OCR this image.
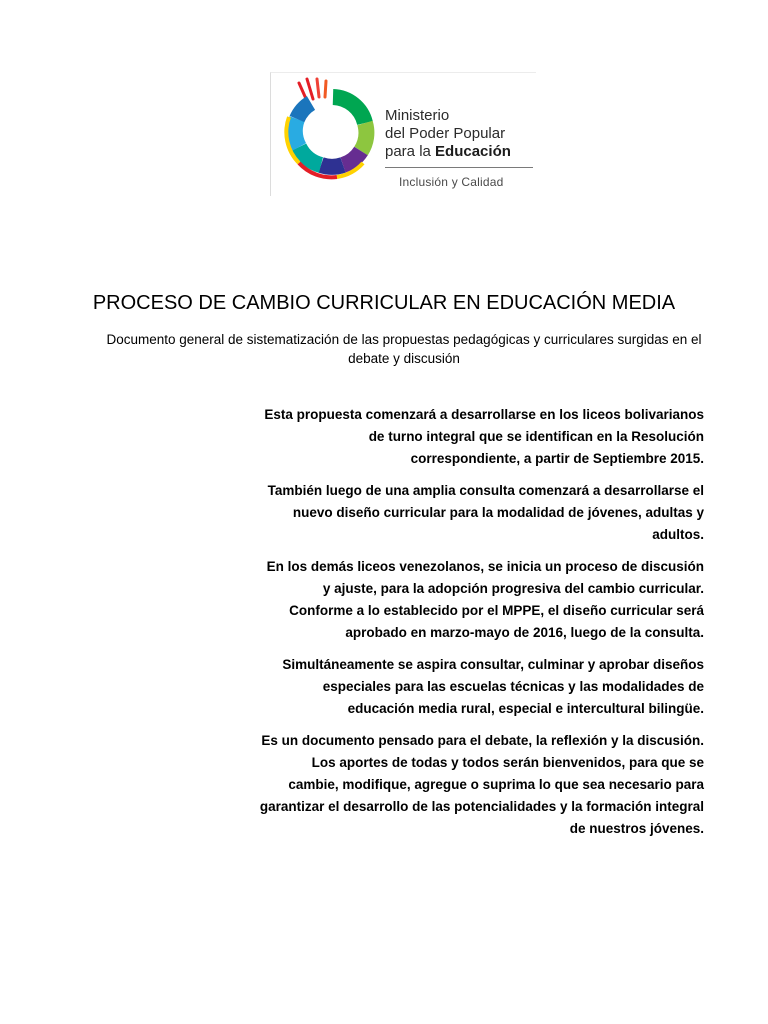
Ministerio
del Poder Popular
para la Educación
Inclusión y Calidad
PROCESO DE CAMBIO CURRICULAR EN EDUCACIÓN MEDIA

Documento general de sistematización de las propuestas pedagógicas y curriculares surgidas en el debate y discusión

Esta propuesta comenzará a desarrollarse en los liceos bolivarianos de turno integral que se identifican en la Resolución correspondiente, a partir de Septiembre 2015.

También luego de una amplia consulta comenzará a desarrollarse el nuevo diseño curricular para la modalidad de jóvenes, adultas y adultos.

En los demás liceos venezolanos, se inicia un proceso de discusión y ajuste, para la adopción progresiva del cambio curricular. Conforme a lo establecido por el MPPE, el diseño curricular será aprobado en marzo-mayo de 2016, luego de la consulta.

Simultáneamente se aspira consultar, culminar y aprobar diseños especiales para las escuelas técnicas y las modalidades de educación media rural, especial e intercultural bilingüe.

Es un documento pensado para el debate, la reflexión y la discusión. Los aportes de todas y todos serán bienvenidos, para que se cambie, modifique, agregue o suprima lo que sea necesario para garantizar el desarrollo de las potencialidades y la formación integral de nuestros jóvenes.
